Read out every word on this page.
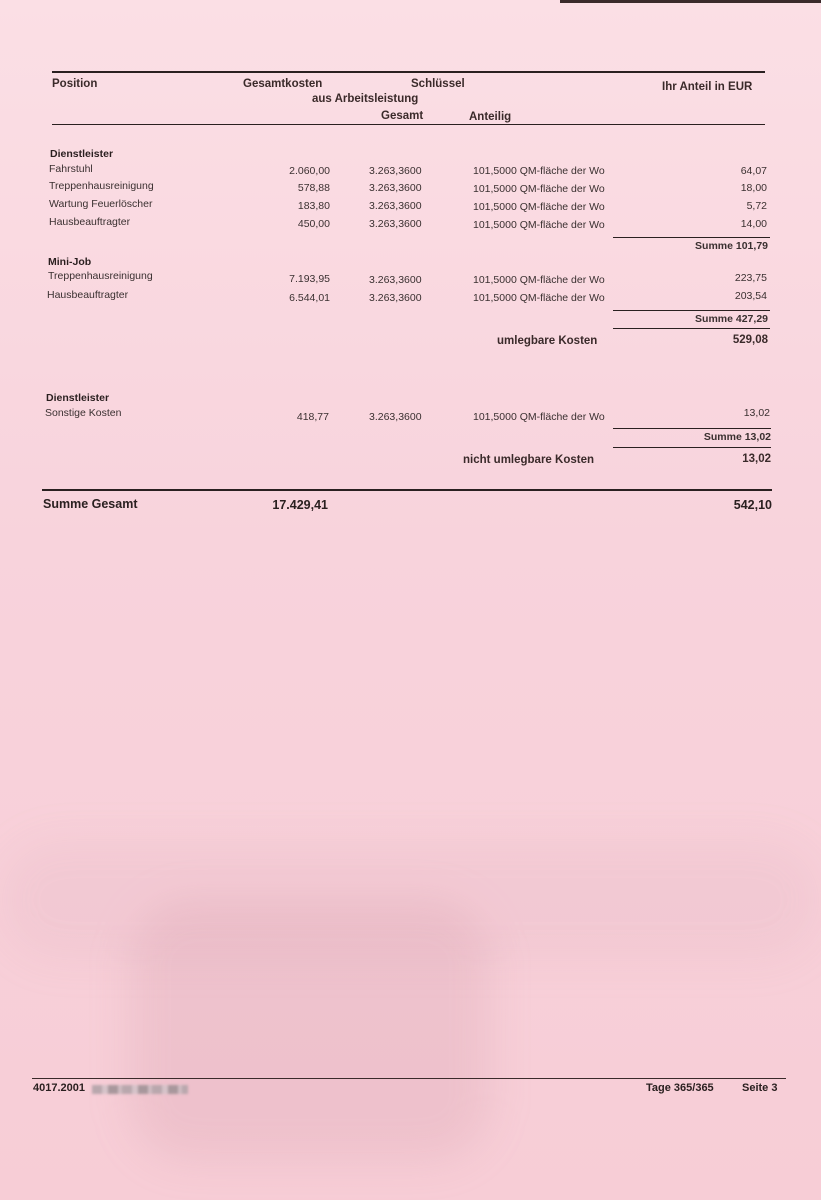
Position	Gesamtkosten
aus Arbeitsleistung
Schlüssel
Gesamt	Anteilig
Ihr Anteil in EUR
Dienstleister
Fahrstuhl	2.060,00	3.263,3600	101,5000 QM-fläche der Wo	64,07
Treppenhausreinigung	578,88	3.263,3600	101,5000 QM-fläche der Wo	18,00
Wartung Feuerlöscher	183,80	3.263,3600	101,5000 QM-fläche der Wo	5,72
Hausbeauftragter	450,00	3.263,3600	101,5000 QM-fläche der Wo	14,00
Summe 101,79
Mini-Job
Treppenhausreinigung	7.193,95	3.263,3600	101,5000 QM-fläche der Wo	223,75
Hausbeauftragter	6.544,01	3.263,3600	101,5000 QM-fläche der Wo	203,54
Summe 427,29
umlegbare Kosten	529,08
Dienstleister
Sonstige Kosten	418,77	3.263,3600	101,5000 QM-fläche der Wo	13,02
Summe 13,02
nicht umlegbare Kosten	13,02
Summe Gesamt	17.429,41	542,10
4017.2001	Tage 365/365	Seite 3
